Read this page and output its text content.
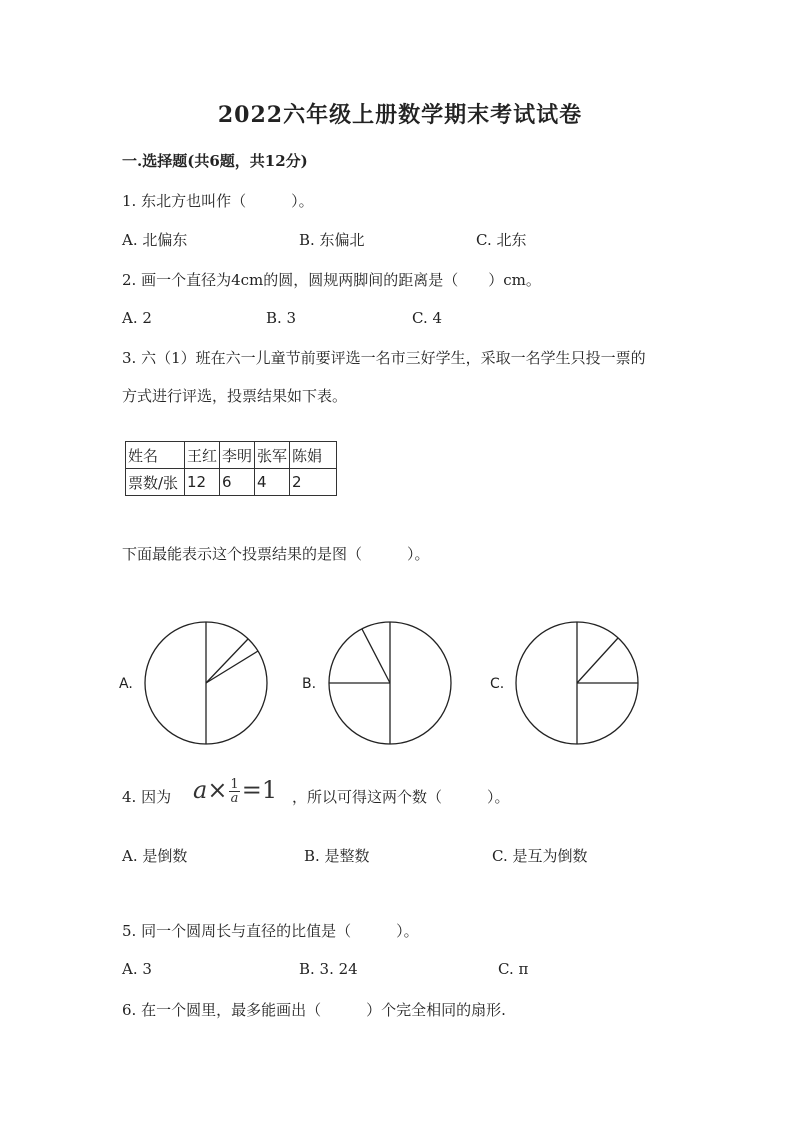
2022六年级上册数学期末考试试卷
一.选择题(共6题，共12分)
1. 东北方也叫作（　　　）。
A. 北偏东	B. 东偏北	C. 北东
2. 画一个直径为4cm的圆，圆规两脚间的距离是（　　）cm。
A. 2	B. 3	C. 4
3. 六（1）班在六一儿童节前要评选一名市三好学生，采取一名学生只投一票的
方式进行评选，投票结果如下表。
姓名	王红	李明	张军	陈娟
票数/张	12	6	4	2
下面最能表示这个投票结果的是图（　　　）。
A.	B.	C.
4. 因为 $a\times \frac{1}{a} =1$ ，所以可得这两个数（　　　）。
A. 是倒数	B. 是整数	C. 是互为倒数
5. 同一个圆周长与直径的比值是（　　　）。
A. 3	B. 3. 24	C. π
6. 在一个圆里，最多能画出（　　　）个完全相同的扇形.
